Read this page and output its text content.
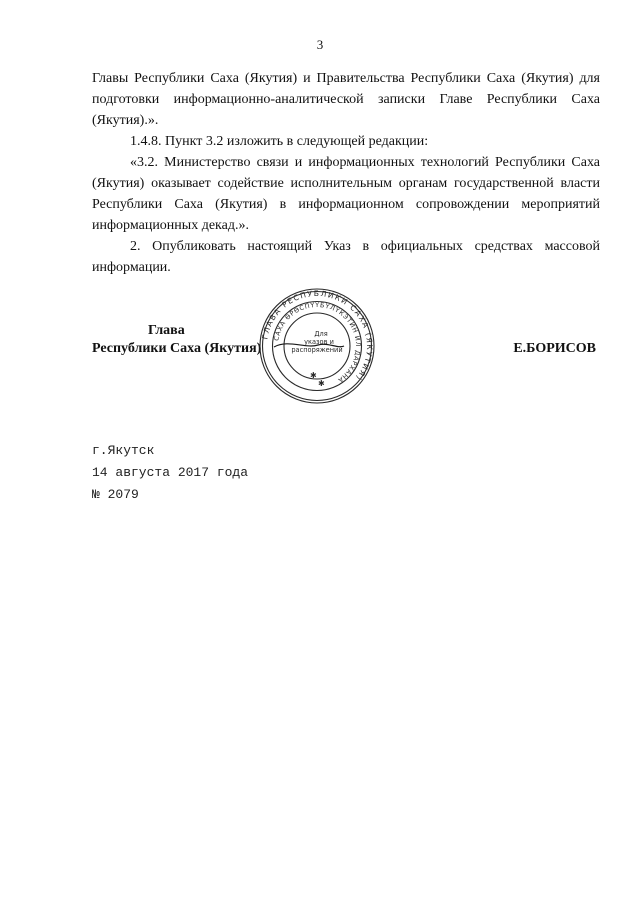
3

Главы Республики Саха (Якутия) и Правительства Республики Саха (Якутия) для подготовки информационно-аналитической записки Главе Республики Саха (Якутия).».

1.4.8. Пункт 3.2 изложить в следующей редакции:

«3.2. Министерство связи и информационных технологий Республики Саха (Якутия) оказывает содействие исполнительным органам государственной власти Республики Саха (Якутия) в информационном сопровождении мероприятий информационных декад.».

2. Опубликовать настоящий Указ в официальных средствах массовой информации.

Глава
Республики Саха (Якутия)	Е.БОРИСОВ
ГЛАВА РЕСПУБЛИКИ САХА (ЯКУТИЯ)
САХА ӨРӨСПҮҮБҮЛҮКЭТИН ИЛ ДАРХАНА
Для
указов и
распоряжений
✱
✱
г.Якутск
14 августа 2017 года
№ 2079
